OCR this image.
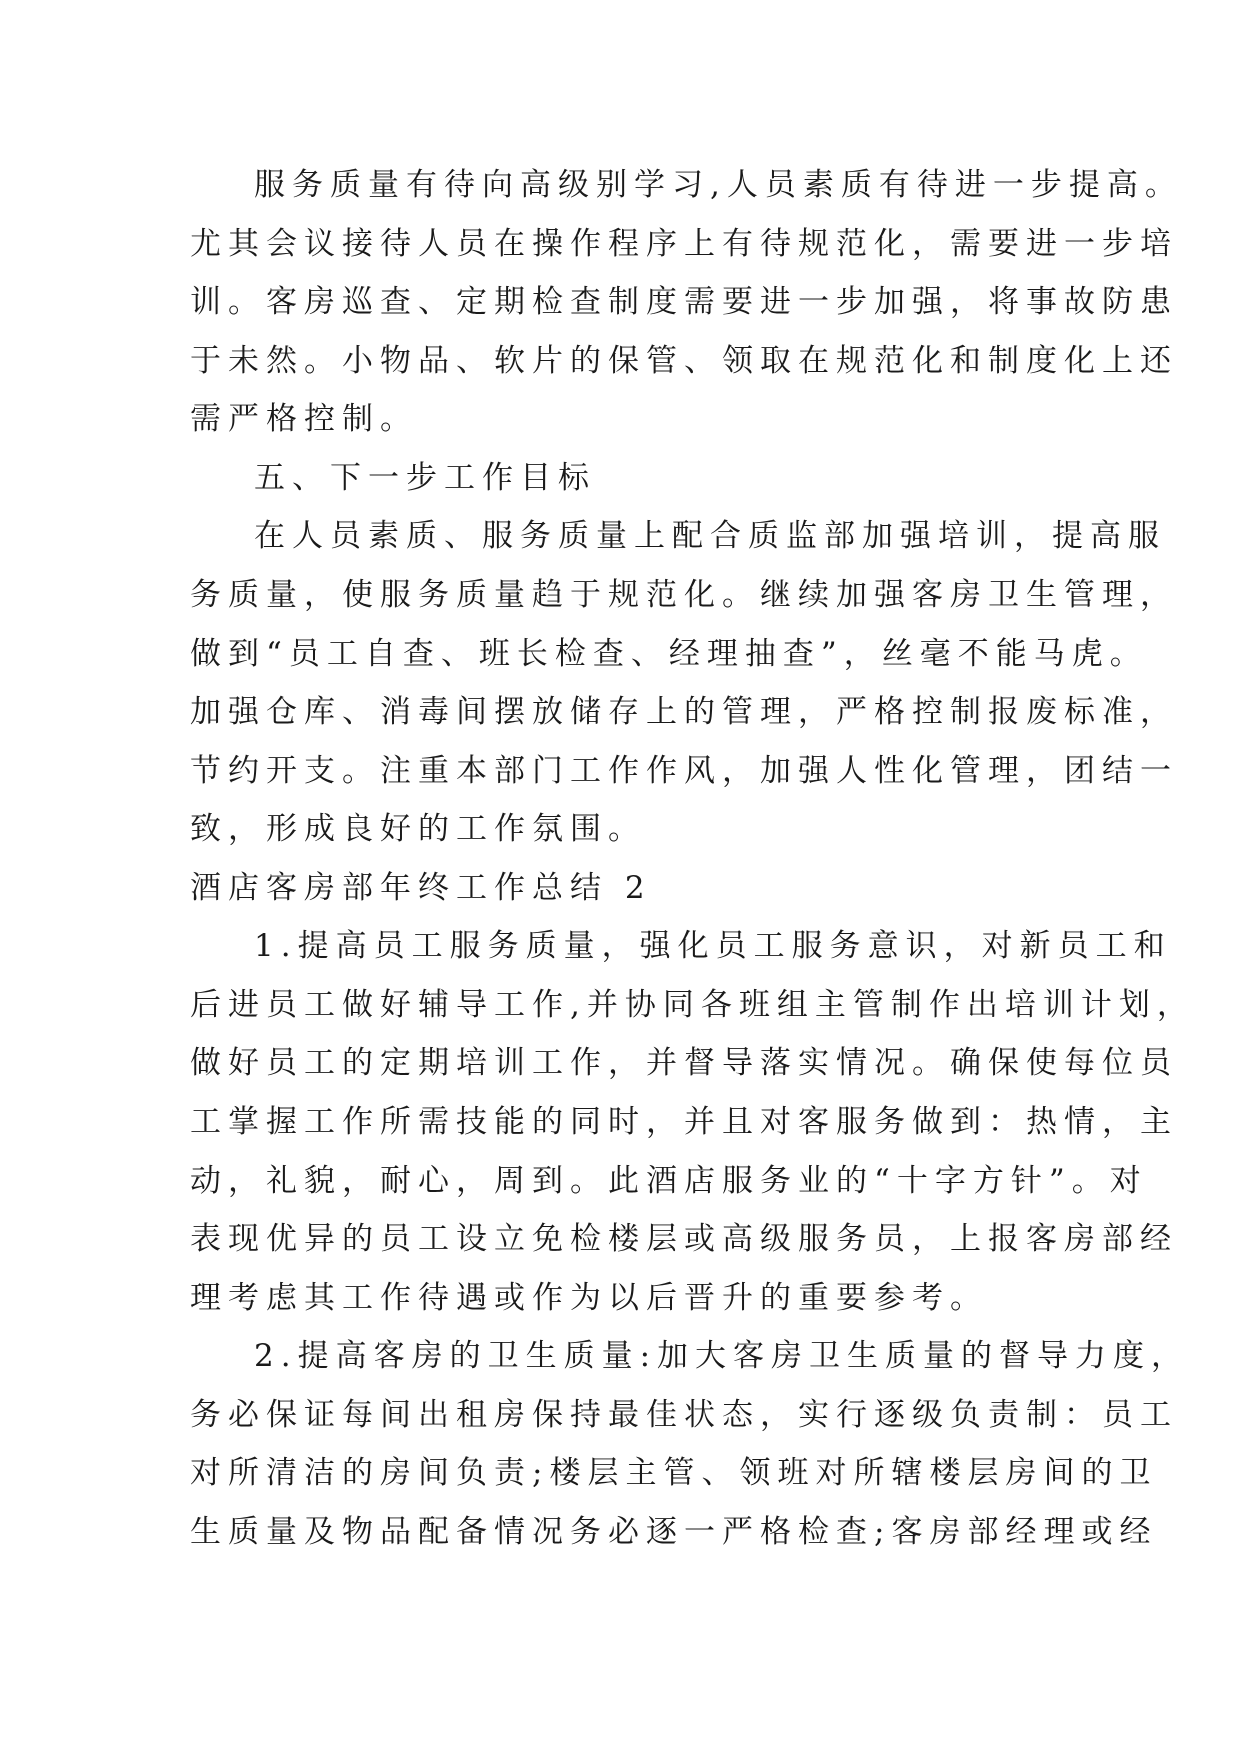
服务质量有待向高级别学习,人员素质有待进一步提高。
尤其会议接待人员在操作程序上有待规范化，需要进一步培
训。客房巡查、定期检查制度需要进一步加强，将事故防患
于未然。小物品、软片的保管、领取在规范化和制度化上还
需严格控制。
五、下一步工作目标
在人员素质、服务质量上配合质监部加强培训，提高服
务质量，使服务质量趋于规范化。继续加强客房卫生管理，
做到“员工自查、班长检查、经理抽查”，丝毫不能马虎。
加强仓库、消毒间摆放储存上的管理，严格控制报废标准，
节约开支。注重本部门工作作风，加强人性化管理，团结一
致，形成良好的工作氛围。
酒店客房部年终工作总结 2
1.提高员工服务质量，强化员工服务意识，对新员工和
后进员工做好辅导工作,并协同各班组主管制作出培训计划，
做好员工的定期培训工作，并督导落实情况。确保使每位员
工掌握工作所需技能的同时，并且对客服务做到：热情，主
动，礼貌，耐心，周到。此酒店服务业的“十字方针”。对
表现优异的员工设立免检楼层或高级服务员，上报客房部经
理考虑其工作待遇或作为以后晋升的重要参考。
2.提高客房的卫生质量:加大客房卫生质量的督导力度，
务必保证每间出租房保持最佳状态，实行逐级负责制：员工
对所清洁的房间负责;楼层主管、领班对所辖楼层房间的卫
生质量及物品配备情况务必逐一严格检查;客房部经理或经
